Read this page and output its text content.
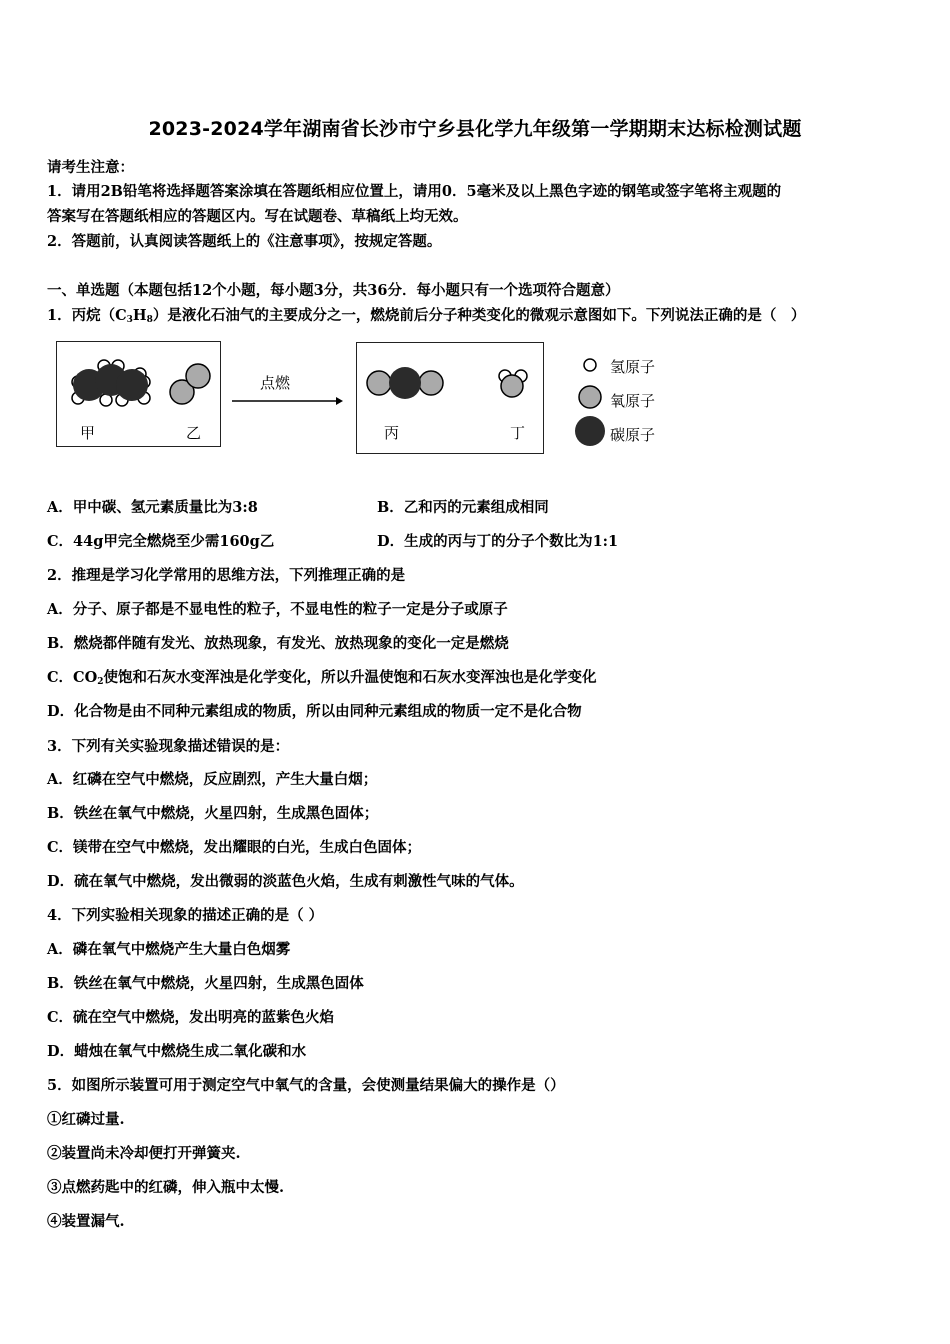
2023-2024学年湖南省长沙市宁乡县化学九年级第一学期期末达标检测试题
请考生注意：
1．请用2B铅笔将选择题答案涂填在答题纸相应位置上，请用0．5毫米及以上黑色字迹的钢笔或签字笔将主观题的
答案写在答题纸相应的答题区内。写在试题卷、草稿纸上均无效。
2．答题前，认真阅读答题纸上的《注意事项》，按规定答题。
一、单选题（本题包括12个小题，每小题3分，共36分．每小题只有一个选项符合题意）
1．丙烷$(C_3H_8)$是液化石油气的主要成分之一，燃烧前后分子种类变化的微观示意图如下。下列说法正确的是（　）
甲	乙
点燃
丙	丁
氢原子
氧原子
碳原子
A．甲中碳、氢元素质量比为3:8	B．乙和丙的元素组成相同
C．44g甲完全燃烧至少需160g乙	D．生成的丙与丁的分子个数比为1:1
2．推理是学习化学常用的思维方法，下列推理正确的是
A．分子、原子都是不显电性的粒子，不显电性的粒子一定是分子或原子
B．燃烧都伴随有发光、放热现象，有发光、放热现象的变化一定是燃烧
C．$CO_2$使饱和石灰水变浑浊是化学变化，所以升温使饱和石灰水变浑浊也是化学变化
D．化合物是由不同种元素组成的物质，所以由同种元素组成的物质一定不是化合物
3．下列有关实验现象描述错误的是：
A．红磷在空气中燃烧，反应剧烈，产生大量白烟；
B．铁丝在氧气中燃烧，火星四射，生成黑色固体；
C．镁带在空气中燃烧，发出耀眼的白光，生成白色固体；
D．硫在氧气中燃烧，发出微弱的淡蓝色火焰，生成有刺激性气味的气体。
4．下列实验相关现象的描述正确的是（ ）
A．磷在氧气中燃烧产生大量白色烟雾
B．铁丝在氧气中燃烧，火星四射，生成黑色固体
C．硫在空气中燃烧，发出明亮的蓝紫色火焰
D．蜡烛在氧气中燃烧生成二氧化碳和水
5．如图所示装置可用于测定空气中氧气的含量，会使测量结果偏大的操作是（）
①红磷过量.
②装置尚未冷却便打开弹簧夹.
③点燃药匙中的红磷，伸入瓶中太慢.
④装置漏气.
